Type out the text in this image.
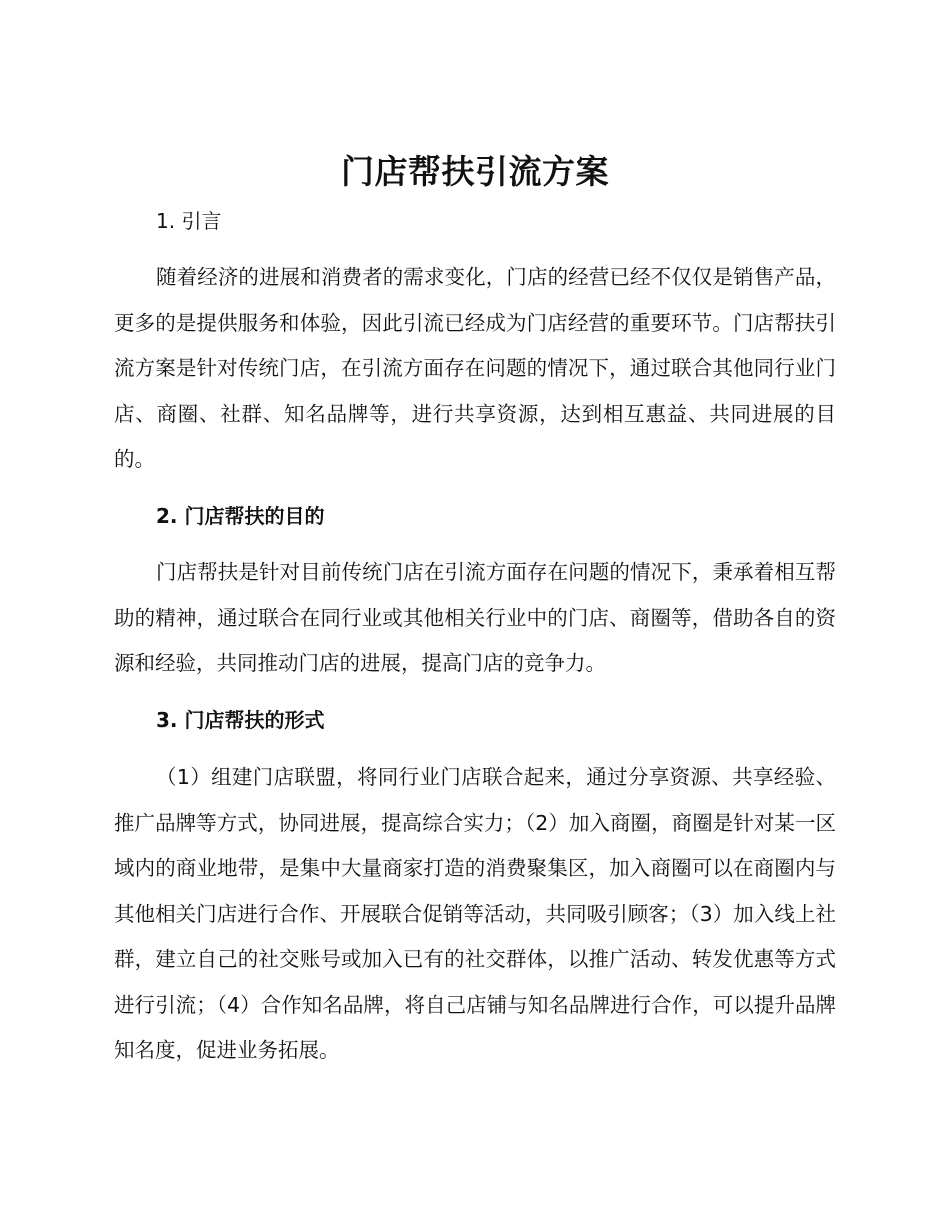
门店帮扶引流方案
1. 引言

随着经济的进展和消费者的需求变化，门店的经营已经不仅仅是销售产品，更多的是提供服务和体验，因此引流已经成为门店经营的重要环节。门店帮扶引流方案是针对传统门店，在引流方面存在问题的情况下，通过联合其他同行业门店、商圈、社群、知名品牌等，进行共享资源，达到相互惠益、共同进展的目的。

2. 门店帮扶的目的

门店帮扶是针对目前传统门店在引流方面存在问题的情况下，秉承着相互帮助的精神，通过联合在同行业或其他相关行业中的门店、商圈等，借助各自的资源和经验，共同推动门店的进展，提高门店的竞争力。

3. 门店帮扶的形式

（1）组建门店联盟，将同行业门店联合起来，通过分享资源、共享经验、推广品牌等方式，协同进展，提高综合实力；（2）加入商圈，商圈是针对某一区域内的商业地带，是集中大量商家打造的消费聚集区，加入商圈可以在商圈内与其他相关门店进行合作、开展联合促销等活动，共同吸引顾客；（3）加入线上社群，建立自己的社交账号或加入已有的社交群体，以推广活动、转发优惠等方式进行引流；（4）合作知名品牌，将自己店铺与知名品牌进行合作，可以提升品牌知名度，促进业务拓展。
